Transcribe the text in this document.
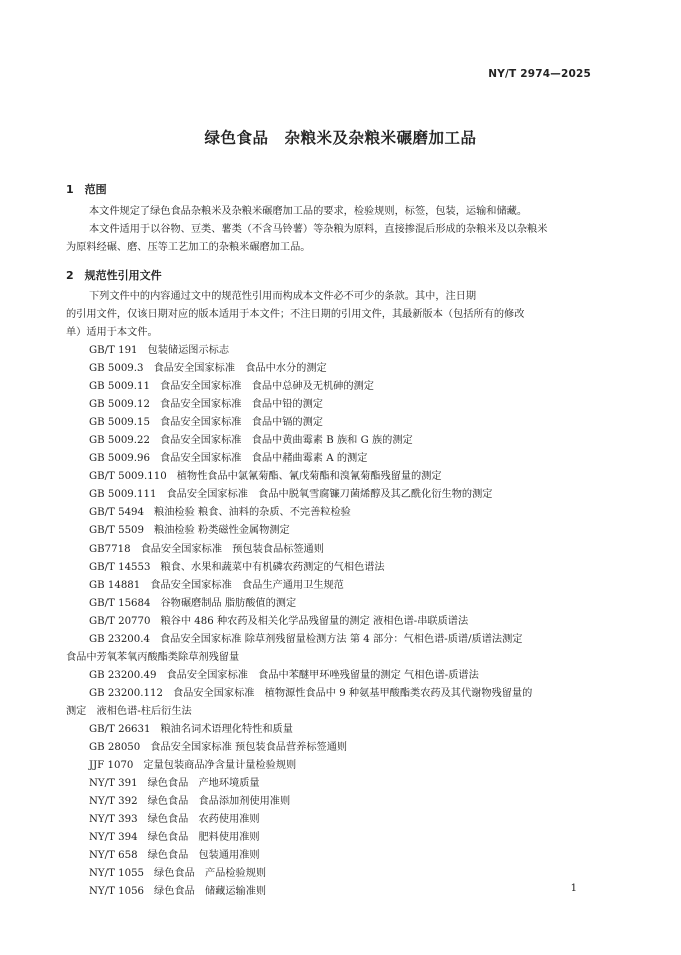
NY/T 2974—2025
绿色食品　杂粮米及杂粮米碾磨加工品
1　范围
本文件规定了绿色食品杂粮米及杂粮米碾磨加工品的要求，检验规则，标签，包装，运输和储藏。
本文件适用于以谷物、豆类、薯类（不含马铃薯）等杂粮为原料，直接掺混后形成的杂粮米及以杂粮米
为原料经碾、磨、压等工艺加工的杂粮米碾磨加工品。
2　规范性引用文件
下列文件中的内容通过文中的规范性引用而构成本文件必不可少的条款。其中，注日期
的引用文件，仅该日期对应的版本适用于本文件；不注日期的引用文件，其最新版本（包括所有的修改
单）适用于本文件。
GB/T 191 包装储运图示标志
GB 5009.3 食品安全国家标准　食品中水分的测定
GB 5009.11 食品安全国家标准　食品中总砷及无机砷的测定
GB 5009.12 食品安全国家标准　食品中铅的测定
GB 5009.15 食品安全国家标准　食品中镉的测定
GB 5009.22 食品安全国家标准　食品中黄曲霉素 B 族和 G 族的测定
GB 5009.96 食品安全国家标准　食品中赭曲霉素 A 的测定
GB/T 5009.110 植物性食品中氯氰菊酯、氰戊菊酯和溴氰菊酯残留量的测定
GB 5009.111 食品安全国家标准　食品中脱氧雪腐镰刀菌烯醇及其乙酰化衍生物的测定
GB/T 5494 粮油检验 粮食、油料的杂质、不完善粒检验
GB/T 5509 粮油检验 粉类磁性金属物测定
GB7718 食品安全国家标准　预包装食品标签通则
GB/T 14553 粮食、水果和蔬菜中有机磷农药测定的气相色谱法
GB 14881 食品安全国家标准　食品生产通用卫生规范
GB/T 15684 谷物碾磨制品 脂肪酸值的测定
GB/T 20770 粮谷中 486 种农药及相关化学品残留量的测定 液相色谱-串联质谱法
GB 23200.4 食品安全国家标准 除草剂残留量检测方法 第 4 部分：气相色谱-质谱/质谱法测定
食品中芳氧苯氧丙酸酯类除草剂残留量
GB 23200.49 食品安全国家标准　食品中苯醚甲环唑残留量的测定 气相色谱-质谱法
GB 23200.112 食品安全国家标准　植物源性食品中 9 种氨基甲酸酯类农药及其代谢物残留量的
测定　液相色谱-柱后衍生法
GB/T 26631 粮油名词术语理化特性和质量
GB 28050 食品安全国家标准 预包装食品营养标签通则
JJF 1070 定量包装商品净含量计量检验规则
NY/T 391 绿色食品　产地环境质量
NY/T 392 绿色食品　食品添加剂使用准则
NY/T 393 绿色食品　农药使用准则
NY/T 394 绿色食品　肥料使用准则
NY/T 658 绿色食品　包装通用准则
NY/T 1055 绿色食品　产品检验规则
NY/T 1056 绿色食品　储藏运输准则	1
